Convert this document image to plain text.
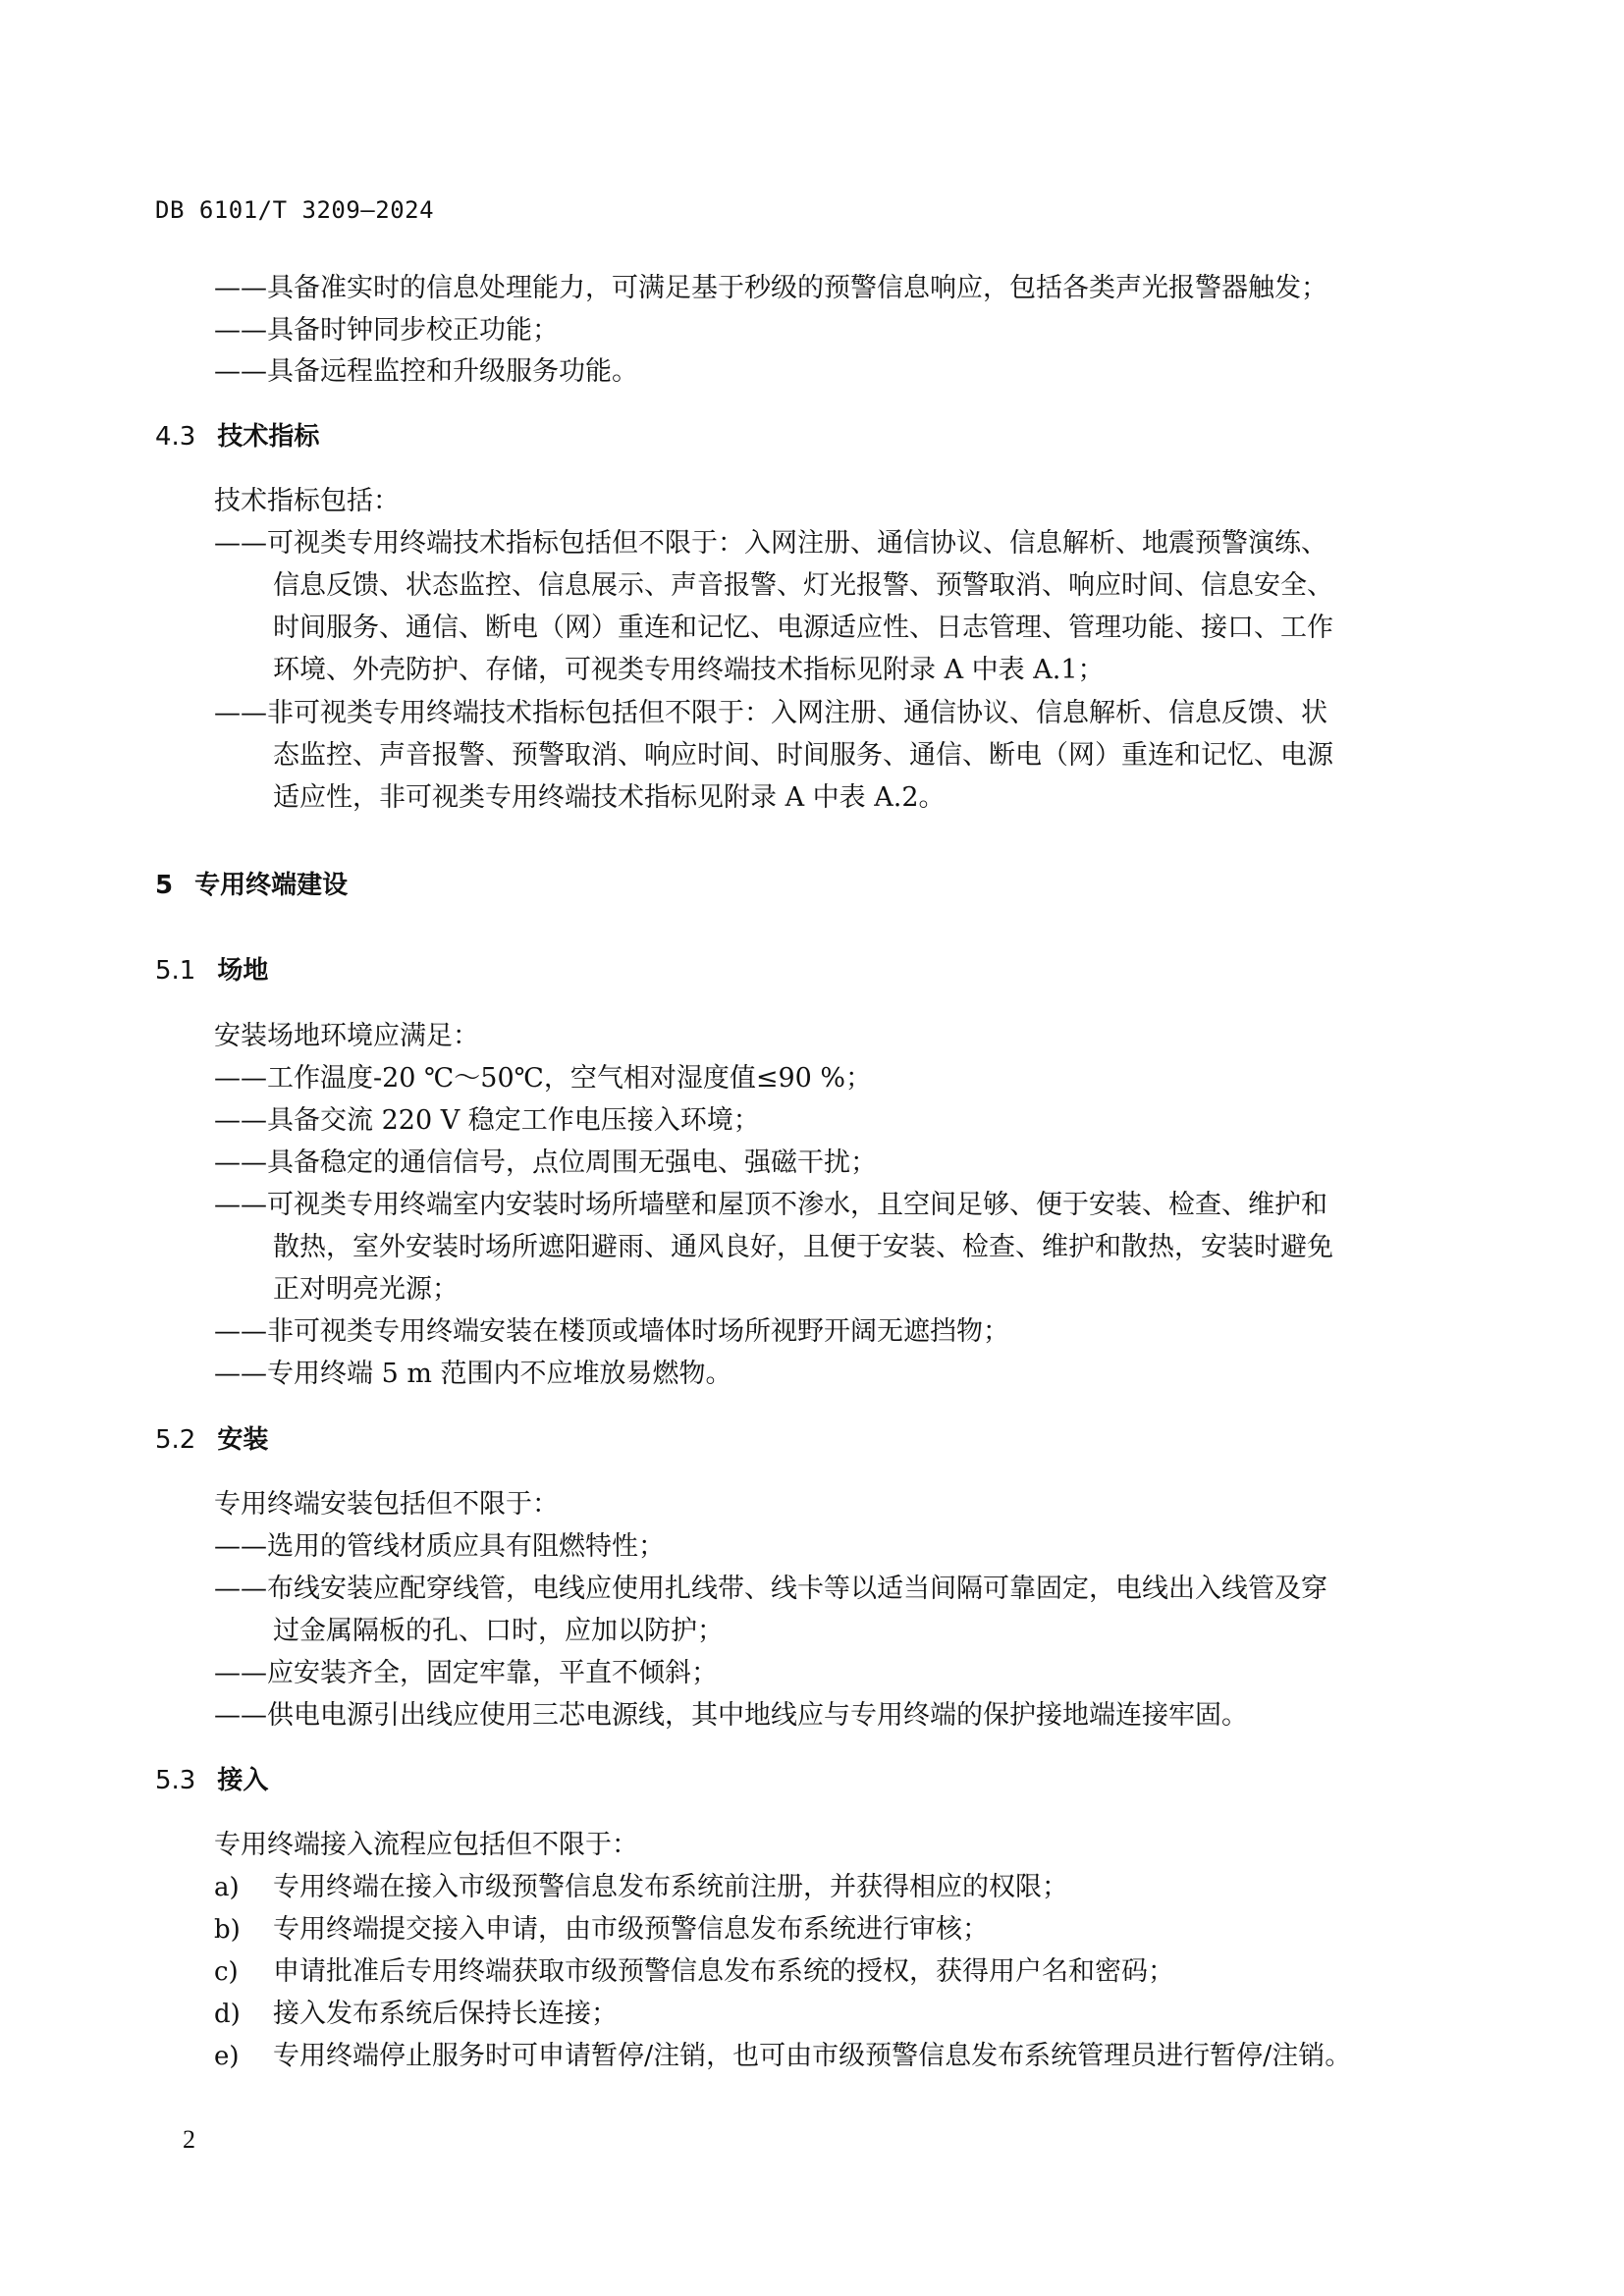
DB 6101/T 3209—2024
——具备准实时的信息处理能力，可满足基于秒级的预警信息响应，包括各类声光报警器触发；
——具备时钟同步校正功能；
——具备远程监控和升级服务功能。
4.3 技术指标
技术指标包括：
——可视类专用终端技术指标包括但不限于：入网注册、通信协议、信息解析、地震预警演练、
信息反馈、状态监控、信息展示、声音报警、灯光报警、预警取消、响应时间、信息安全、
时间服务、通信、断电（网）重连和记忆、电源适应性、日志管理、管理功能、接口、工作
环境、外壳防护、存储，可视类专用终端技术指标见附录 A 中表 A.1；
——非可视类专用终端技术指标包括但不限于：入网注册、通信协议、信息解析、信息反馈、状
态监控、声音报警、预警取消、响应时间、时间服务、通信、断电（网）重连和记忆、电源
适应性，非可视类专用终端技术指标见附录 A 中表 A.2。
5 专用终端建设
5.1 场地
安装场地环境应满足：
——工作温度-20 ℃～50℃，空气相对湿度值≤90 %；
——具备交流 220 V 稳定工作电压接入环境；
——具备稳定的通信信号，点位周围无强电、强磁干扰；
——可视类专用终端室内安装时场所墙壁和屋顶不渗水，且空间足够、便于安装、检查、维护和
散热，室外安装时场所遮阳避雨、通风良好，且便于安装、检查、维护和散热，安装时避免
正对明亮光源；
——非可视类专用终端安装在楼顶或墙体时场所视野开阔无遮挡物；
——专用终端 5 m 范围内不应堆放易燃物。
5.2 安装
专用终端安装包括但不限于：
——选用的管线材质应具有阻燃特性；
——布线安装应配穿线管，电线应使用扎线带、线卡等以适当间隔可靠固定，电线出入线管及穿
过金属隔板的孔、口时，应加以防护；
——应安装齐全，固定牢靠，平直不倾斜；
——供电电源引出线应使用三芯电源线，其中地线应与专用终端的保护接地端连接牢固。
5.3 接入
专用终端接入流程应包括但不限于：
a) 专用终端在接入市级预警信息发布系统前注册，并获得相应的权限；
b) 专用终端提交接入申请，由市级预警信息发布系统进行审核；
c) 申请批准后专用终端获取市级预警信息发布系统的授权，获得用户名和密码；
d) 接入发布系统后保持长连接；
e) 专用终端停止服务时可申请暂停/注销，也可由市级预警信息发布系统管理员进行暂停/注销。
2
